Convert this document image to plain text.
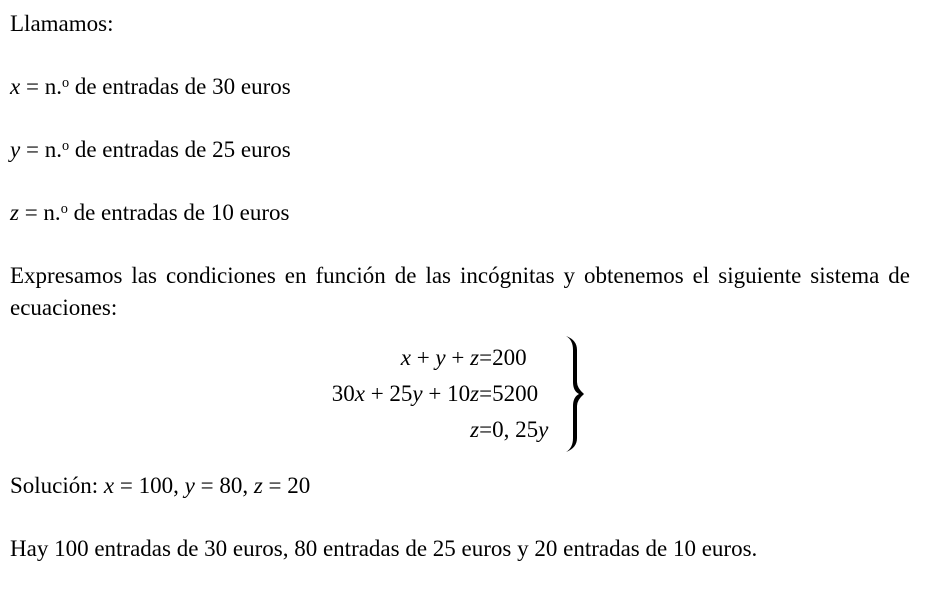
Llamamos:

x = n.$^o$ de entradas de 30 euros

y = n.$^o$ de entradas de 25 euros

z = n.$^o$ de entradas de 10 euros

Expresamos las condiciones en función de las incógnitas y obtenemos el siguiente sistema de ecuaciones:

x + y + z	=	200
30x + 25y + 10z	=	5200
z	=	0, 25y

Solución: x = 100, y = 80, z = 20

Hay 100 entradas de 30 euros, 80 entradas de 25 euros y 20 entradas de 10 euros.
